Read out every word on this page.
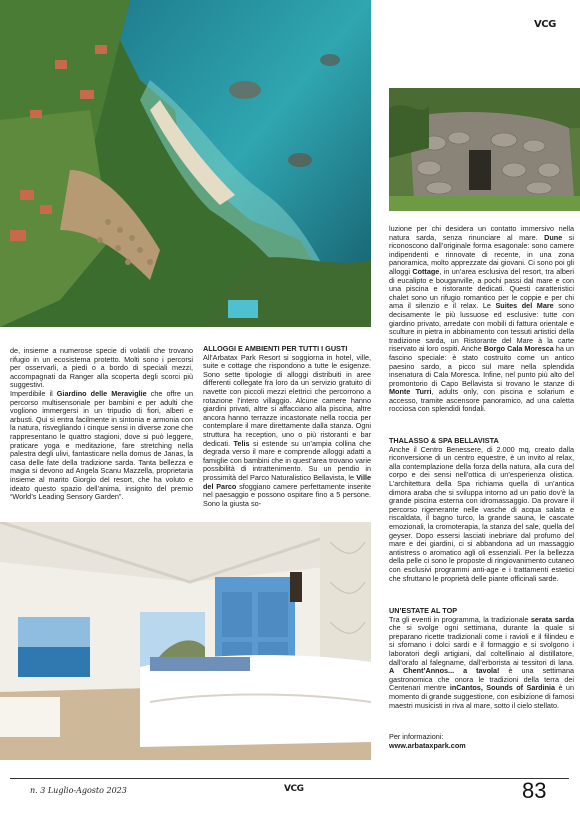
VCG

de, insieme a numerose specie di volatili che trovano rifugio in un ecosistema protetto. Molti sono i percorsi per osservarli, a piedi o a bordo di speciali mezzi, accompagnati da Ranger alla scoperta degli scorci più suggestivi.

Imperdibile il Giardino delle Meraviglie che offre un percorso multisensoriale per bambini e per adulti che vogliono immergersi in un tripudio di fiori, alberi e arbusti. Qui si entra facilmente in sintonia e armonia con la natura, risvegliando i cinque sensi in diverse zone che rappresentano le quattro stagioni, dove si può leggere, praticare yoga e meditazione, fare stretching nella palestra degli ulivi, fantasticare nella domus de Janas, la casa delle fate della tradizione sarda. Tanta bellezza e magia si devono ad Angela Scanu Mazzella, proprietaria insieme al marito Giorgio del resort, che ha voluto e ideato questo spazio dell’anima, insignito del premio “World’s Leading Sensory Garden”.

ALLOGGI E AMBIENTI PER TUTTI I GUSTI

All’Arbatax Park Resort si soggiorna in hotel, ville, suite e cottage che rispondono a tutte le esigenze. Sono sette tipologie di alloggi distribuiti in aree differenti collegate fra loro da un servizio gratuito di navette con piccoli mezzi elettrici che percorrono a rotazione l’intero villaggio. Alcune camere hanno giardini privati, altre si affacciano alla piscina, altre ancora hanno terrazze incastonate nella roccia per contemplare il mare direttamente dalla stanza. Ogni struttura ha reception, uno o più ristoranti e bar dedicati. Telis si estende su un’ampia collina che degrada verso il mare e comprende alloggi adatti a famiglie con bambini che in quest’area trovano varie possibilità di intrattenimento. Su un pendio in prossimità del Parco Naturalistico Bellavista, le Ville del Parco sfoggiano camere perfettamente inserite nel paesaggio e possono ospitare fino a 5 persone. Sono la giusta so-

luzione per chi desidera un contatto immersivo nella natura sarda, senza rinunciare al mare. Dune si riconoscono dall’originale forma esagonale: sono camere indipendenti e rinnovate di recente, in una zona panoramica, molto apprezzate dai giovani. Ci sono poi gli alloggi Cottage, in un’area esclusiva del resort, tra alberi di eucalipto e bouganville, a pochi passi dal mare e con una piscina e ristorante dedicati. Questi caratteristici chalet sono un rifugio romantico per le coppie e per chi ama il silenzio e il relax. Le Suites del Mare sono decisamente le più lussuose ed esclusive: tutte con giardino privato, arredate con mobili di fattura orientale e sculture in pietra in abbinamento con tessuti artistici della tradizione sarda, un Ristorante del Mare à la carte riservato ai loro ospiti. Anche Borgo Cala Moresca ha un fascino speciale: è stato costruito come un antico paesino sardo, a picco sul mare nella splendida insenatura di Cala Moresca. Infine, nel punto più alto del promontorio di Capo Bellavista si trovano le stanze di Monte Turri, adults only, con piscina e solarium e accesso, tramite ascensore panoramico, ad una caletta rocciosa con splendidi fondali.

THALASSO & SPA BELLAVISTA

Anche il Centro Benessere, di 2.000 mq, creato dalla riconversione di un centro equestre, è un invito al relax, alla contemplazione della forza della natura, alla cura del corpo e dei sensi nell’ottica di un’esperienza olistica. L’architettura della Spa richiama quella di un’antica dimora araba che si sviluppa intorno ad un patio dov’è la grande piscina esterna con idromassaggio. Da provare il percorso rigenerante nelle vasche di acqua salata e riscaldata, il bagno turco, la grande sauna, le cascate emozionali, la cromoterapia, la stanza del sale, quella del geyser. Dopo essersi lasciati inebriare dal profumo del mare e dei giardini, ci si abbandona ad un massaggio antistress o aromatico agli oli essenziali. Per la bellezza della pelle ci sono le proposte di ringiovanimento cutaneo con esclusivi programmi anti-age e i trattamenti estetici che sfruttano le proprietà delle piante officinali sarde.

UN’ESTATE AL TOP

Tra gli eventi in programma, la tradizionale serata sarda che si svolge ogni settimana, durante la quale si preparano ricette tradizionali come i ravioli e il filindeu e si sfornano i dolci sardi e il formaggio e si svolgono i laboratori degli artigiani, dal coltellinaio al distillatore, dall’orafo al falegname, dall’erborista ai tessitori di lana. A Chent’Annos... a tavola! è una settimana gastronomica che onora le tradizioni della terra dei Centenari mentre inCantos, Sounds of Sardinia è un momento di grande suggestione, con esibizione di famosi maestri musicisti in riva al mare, sotto il cielo stellato.

Per informazioni:

www.arbataxpark.com

n. 3 Luglio-Agosto 2023	VCG	83
